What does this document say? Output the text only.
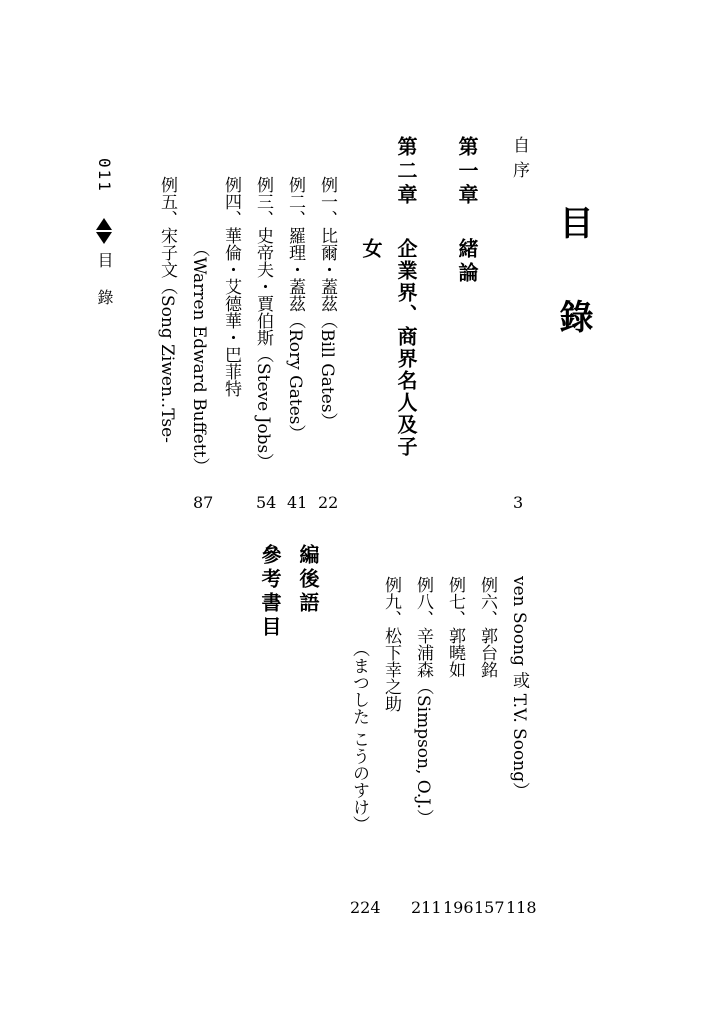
目 錄
自序
3
第一章
緒論
第二章
企業界、商界名人及子
女
例一、比爾・蓋茲（Bill Gates）
22
例二、羅理・蓋茲（Rory Gates）
41
例三、史帝夫・賈伯斯（Steve Jobs）
54
例四、華倫・艾德華・巴菲特
（Warren Edward Buffett）
87
例五、宋子文（Song Ziwen‥Tse-
ven Soong 或 T.V. Soong）
118
例六、郭台銘
157
例七、郭曉如
196
例八、辛浦森（Simpson, O.J.）
211
例九、松下幸之助
（まつした こうのすけ）
224
編後語
參考書目
011
目 錄
